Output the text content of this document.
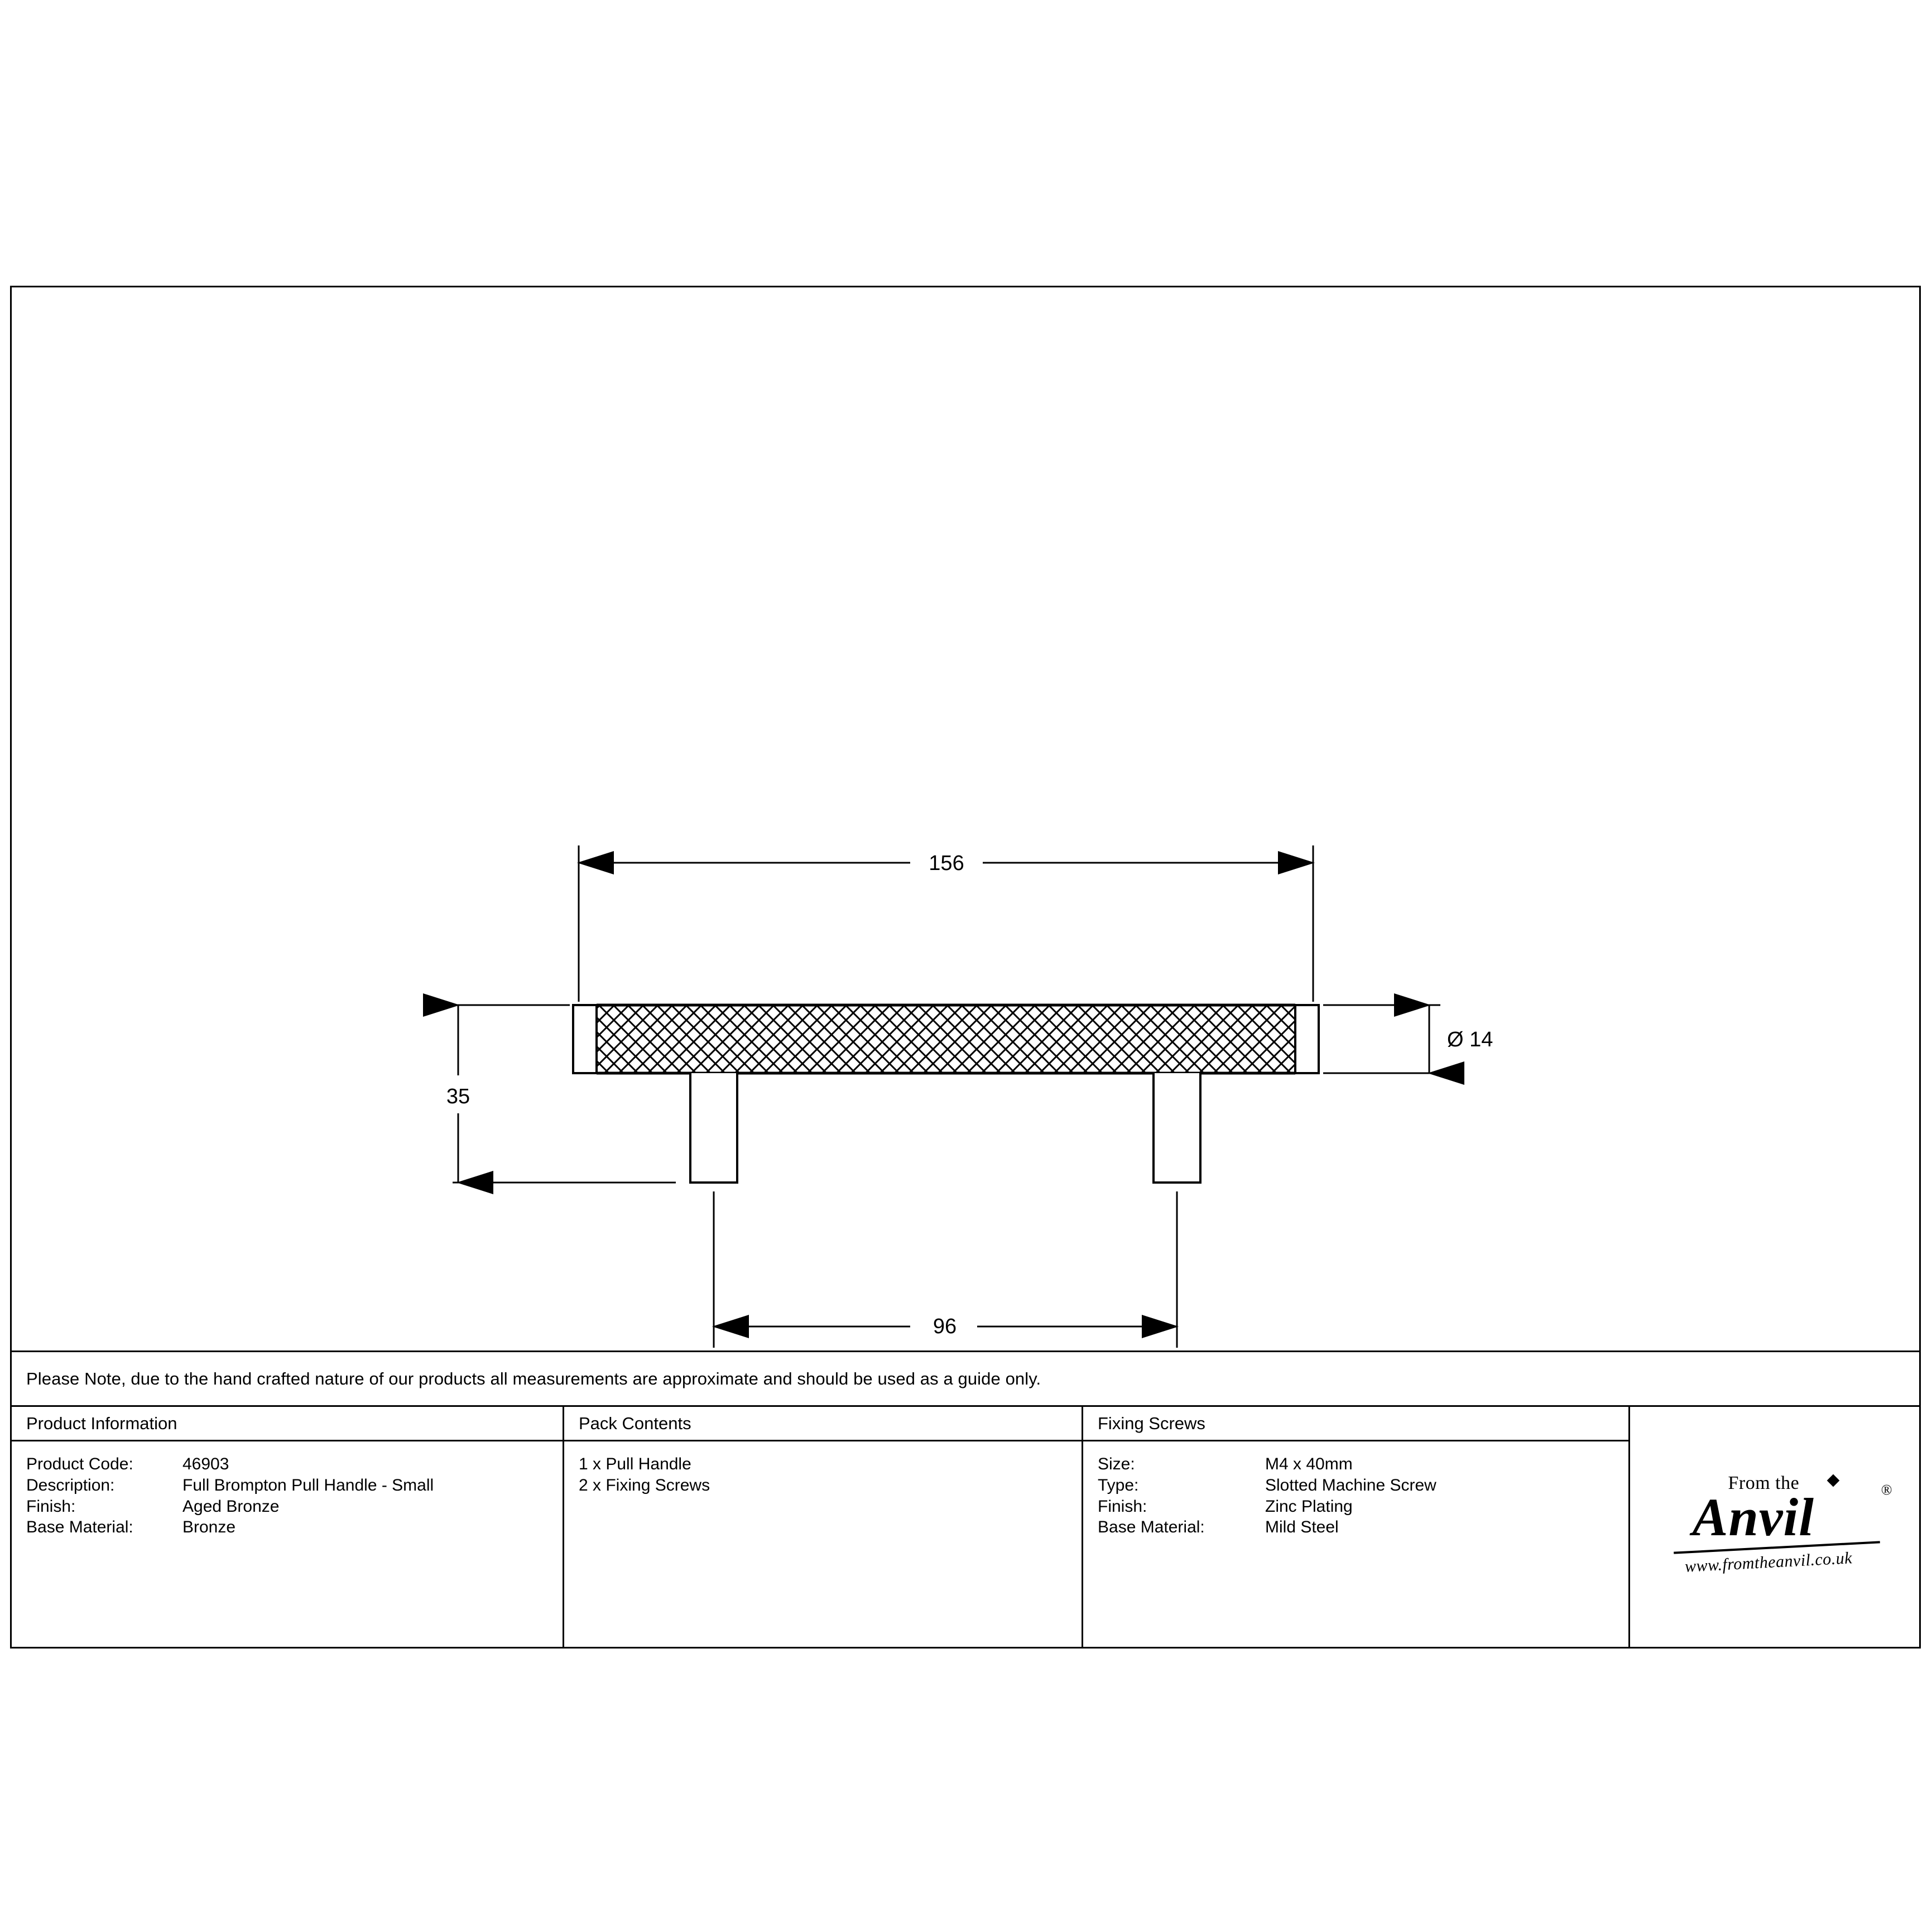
156
35
Ø 14
96
Please Note, due to the hand crafted nature of our products all measurements are approximate and should be used as a guide only.
Product Information
Product Code:	46903
Description:	Full Brompton Pull Handle - Small
Finish:	Aged Bronze
Base Material:	Bronze
Pack Contents
1 x Pull Handle
2 x Fixing Screws
Fixing Screws
Size:	M4 x 40mm
Type:	Slotted Machine Screw
Finish:	Zinc Plating
Base Material:	Mild Steel
From the
Anvil	®
www.fromtheanvil.co.uk
